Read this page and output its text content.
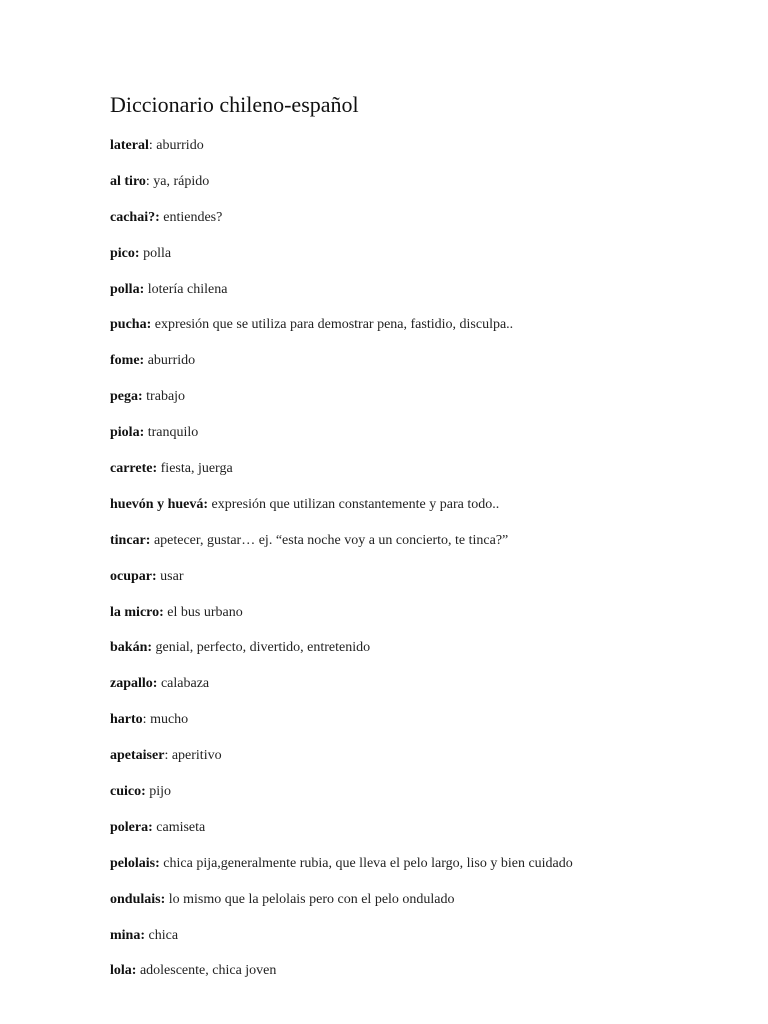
Diccionario chileno-español
lateral: aburrido
al tiro: ya, rápido
cachai?: entiendes?
pico: polla
polla: lotería chilena
pucha: expresión que se utiliza para demostrar pena, fastidio, disculpa..
fome: aburrido
pega: trabajo
piola: tranquilo
carrete: fiesta, juerga
huevón y huevá: expresión que utilizan constantemente y para todo..
tincar: apetecer, gustar… ej. “esta noche voy a un concierto, te tinca?”
ocupar: usar
la micro: el bus urbano
bakán: genial, perfecto, divertido, entretenido
zapallo: calabaza
harto: mucho
apetaiser: aperitivo
cuico: pijo
polera: camiseta
pelolais: chica pija,generalmente rubia, que lleva el pelo largo, liso y bien cuidado
ondulais: lo mismo que la pelolais pero con el pelo ondulado
mina: chica
lola: adolescente, chica joven
